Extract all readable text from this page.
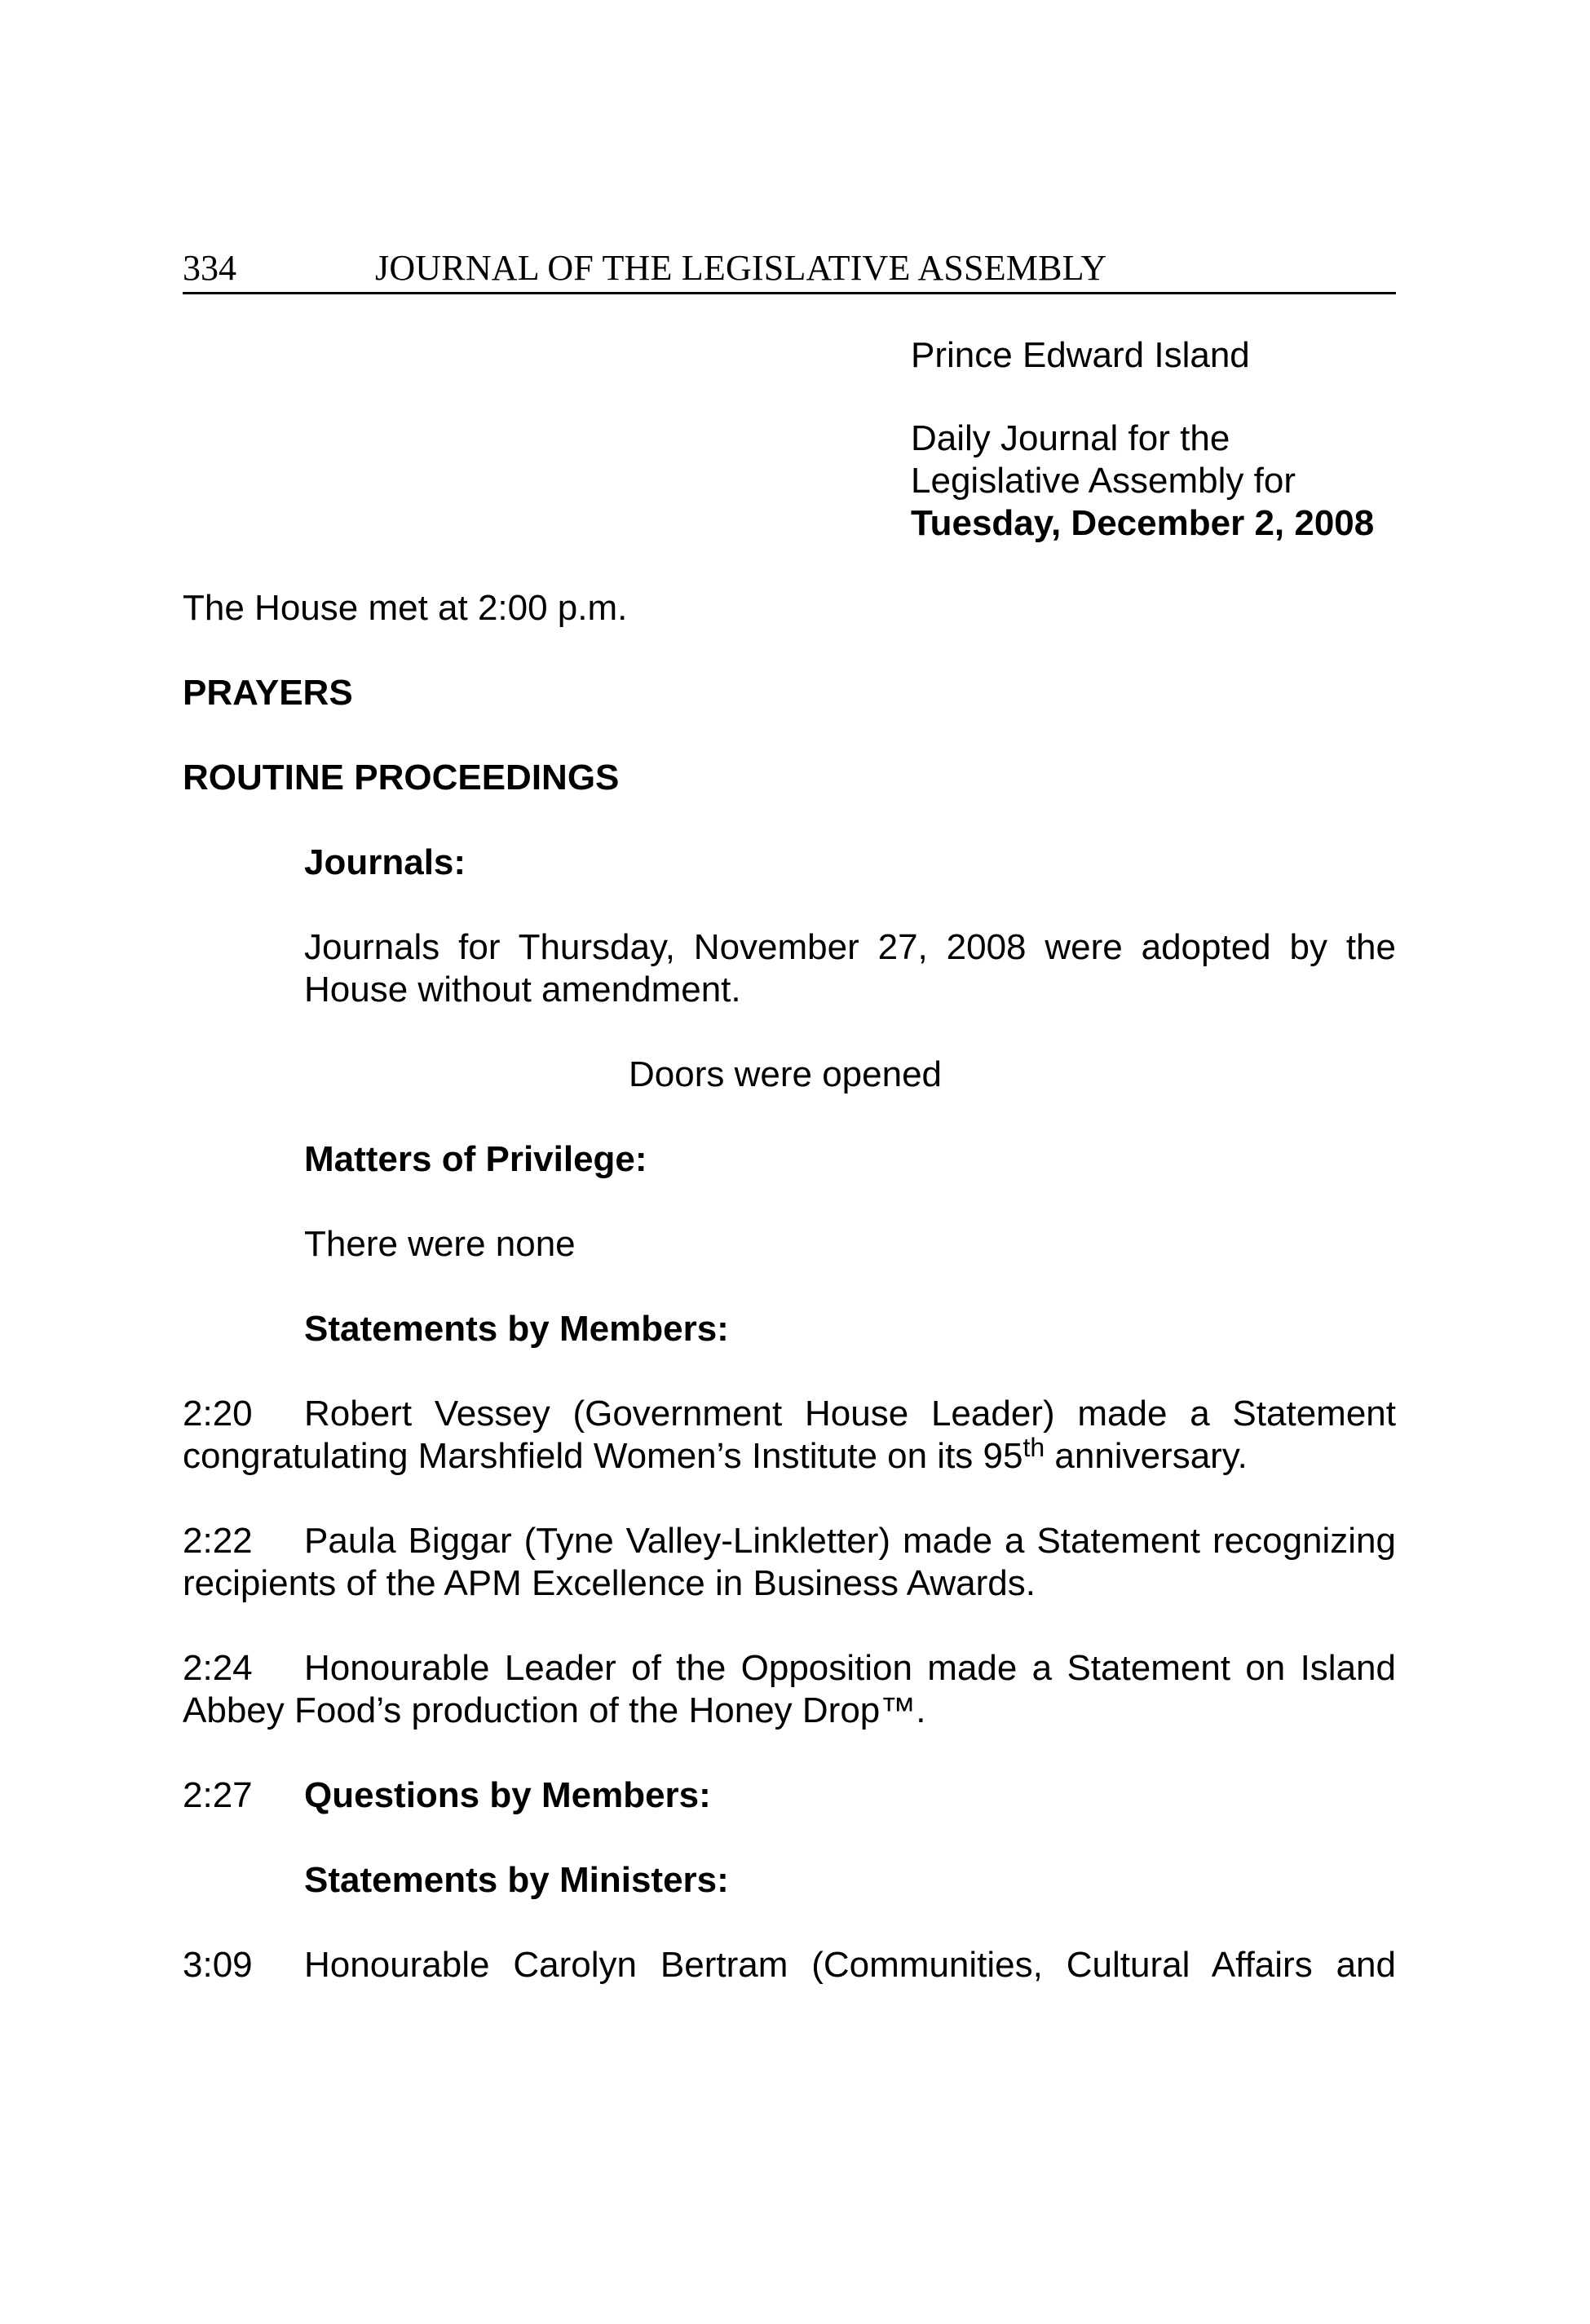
334	JOURNAL OF THE LEGISLATIVE ASSEMBLY
Prince Edward Island
Daily Journal for the
Legislative Assembly for
Tuesday, December 2, 2008
The House met at 2:00 p.m.
PRAYERS
ROUTINE PROCEEDINGS
Journals:
Journals for Thursday, November 27, 2008 were adopted by the
House without amendment.
Doors were opened
Matters of Privilege:
There were none
Statements by Members:
2:20	Robert Vessey (Government House Leader) made a Statement
congratulating Marshfield Women’s Institute on its 95th anniversary.
2:22	Paula Biggar (Tyne Valley-Linkletter) made a Statement recognizing
recipients of the APM Excellence in Business Awards.
2:24	Honourable Leader of the Opposition made a Statement on Island
Abbey Food’s production of the Honey Drop™.
2:27 Questions by Members:
Statements by Ministers:
3:09 Honourable Carolyn Bertram (Communities, Cultural Affairs and
